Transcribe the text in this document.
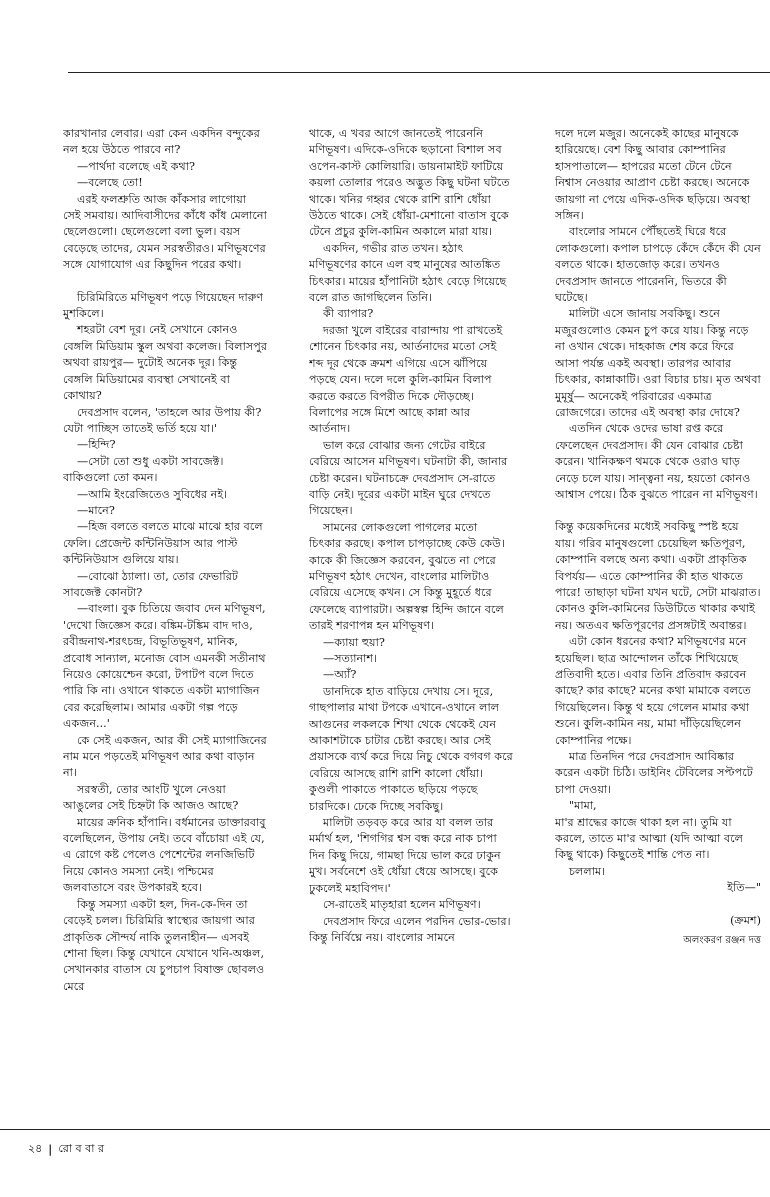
কারখানার লেবার। এরা কেন একদিন বন্দুকের নল হয়ে উঠতে পারবে না?

—পার্থদা বলেছে এই কথা?

—বলেছে তো!

এরই ফলশ্রুতি আজ কাঁকসার লাগোয়া সেই সমবায়। আদিবাসীদের কাঁধে কাঁধ মেলানো ছেলেগুলো। ছেলেগুলো বলা ভুল। বয়স বেড়েছে তাদের, যেমন সরস্বতীরও। মণিভূষণের সঙ্গে যোগাযোগ এর কিছুদিন পরের কথা।

চিরিমিরিতে মণিভূষণ পড়ে গিয়েছেন দারুণ মুশকিলে।

শহরটা বেশ দূর। নেই সেখানে কোনও বেঙ্গলি মিডিয়াম স্কুল অথবা কলেজ। বিলাসপুর অথবা রায়পুর— দুটোই অনেক দূর। কিন্তু বেঙ্গলি মিডিয়ামের ব্যবস্থা সেখানেই বা কোথায়?

দেবপ্রসাদ বলেন, 'তাহলে আর উপায় কী? যেটা পাচ্ছিস তাতেই ভর্তি হয়ে যা।'

—হিন্দি?

—সেটা তো শুধু একটা সাবজেক্ট। বাকিগুলো তো কমন।

—আমি ইংরেজিতেও সুবিধের নই।

—মানে?

—হিজ বলতে বলতে মাঝে মাঝে হার বলে ফেলি। প্রেজেন্ট কন্টিনিউয়াস আর পাস্ট কন্টিনিউয়াস গুলিয়ে যায়।

—বোঝো ঠ্যালা। তা, তোর ফেভারিট সাবজেক্ট কোনটা?

—বাংলা। বুক চিতিয়ে জবাব দেন মণিভূষণ, 'দেখো জিজ্ঞেস করে। বঙ্কিম-টঙ্কিম বাদ দাও, রবীন্দ্রনাথ-শরৎচন্দ্র, বিভূতিভূষণ, মানিক, প্রবোধ সান্যাল, মনোজ বোস এমনকী সতীনাথ নিয়েও কোয়েশ্চেন করো, টপাটপ বলে দিতে পারি কি না। ওখানে থাকতে একটা ম্যাগাজিন বের করেছিলাম। আমার একটা গল্প পড়ে একজন...'

কে সেই একজন, আর কী সেই ম্যাগাজিনের নাম মনে পড়তেই মণিভূষণ আর কথা বাড়ান না।

সরস্বতী, তোর আংটি খুলে নেওয়া আঙুলের সেই চিহ্নটা কি আজও আছে?

মায়ের ক্রনিক হাঁপানি। বর্ধমানের ডাক্তারবাবু বলেছিলেন, উপায় নেই। তবে বাঁচোয়া এই যে, এ রোগে কষ্ট পেলেও পেশেন্টের লনজিভিটি নিয়ে কোনও সমস্যা নেই। পশ্চিমের জলবাতাসে বরং উপকারই হবে।

কিন্তু সমস্যা একটা হল, দিন-কে-দিন তা বেড়েই চলল। চিরিমিরি স্বাস্থ্যের জায়গা আর প্রাকৃতিক সৌন্দর্য নাকি তুলনাহীন— এসবই শোনা ছিল। কিন্তু যেখানে যেখানে খনি-অঞ্চল, সেখানকার বাতাস যে চুপচাপ বিষাক্ত ছোবলও মেরে

থাকে, এ খবর আগে জানতেই পারেননি মণিভূষণ। এদিকে-ওদিকে ছড়ানো বিশাল সব ওপেন-কাস্ট কোলিয়ারি। ডায়নামাইট ফাটিয়ে কয়লা তোলার পরেও অদ্ভুত কিছু ঘটনা ঘটতে থাকে। খনির গহ্বর থেকে রাশি রাশি ধোঁয়া উঠতে থাকে। সেই ধোঁয়া-মেশানো বাতাস বুকে টেনে প্রচুর কুলি-কামিন অকালে মারা যায়।

একদিন, গভীর রাত তখন। হঠাৎ মণিভূষণের কানে এল বহু মানুষের আতঙ্কিত চিৎকার। মায়ের হাঁপানিটা হঠাৎ বেড়ে গিয়েছে বলে রাত জাগছিলেন তিনি।

কী ব্যাপার?

দরজা খুলে বাইরের বারান্দায় পা রাখতেই শোনেন চিৎকার নয়, আর্তনাদের মতো সেই শব্দ দূর থেকে ক্রমশ এগিয়ে এসে ঝাঁপিয়ে পড়ছে যেন। দলে দলে কুলি-কামিন বিলাপ করতে করতে বিপরীত দিকে দৌড়চ্ছে। বিলাপের সঙ্গে মিশে আছে কান্না আর আর্তনাদ।

ভাল করে বোঝার জন্য গেটের বাইরে বেরিয়ে আসেন মণিভূষণ। ঘটনাটা কী, জানার চেষ্টা করেন। ঘটনাচক্রে দেবপ্রসাদ সে-রাতে বাড়ি নেই। দূরের একটা মাইন ঘুরে দেখতে গিয়েছেন।

সামনের লোকগুলো পাগলের মতো চিৎকার করছে। কপাল চাপড়াচ্ছে কেউ কেউ। কাকে কী জিজ্ঞেস করবেন, বুঝতে না পেরে মণিভূষণ হঠাৎ দেখেন, বাংলোর মালিটাও বেরিয়ে এসেছে কখন। সে কিন্তু মুহূর্তে ধরে ফেলেছে ব্যাপারটা। অল্পস্বল্প হিন্দি জানে বলে তারই শরণাপন্ন হন মণিভূষণ।

—ক্যায়া হুয়া?

—সত্যানাশ।

—অ্যাঁ?

ডানদিকে হাত বাড়িয়ে দেখায় সে। দূরে, গাছপালার মাথা টপকে এখানে-ওখানে লাল আগুনের লকলকে শিখা থেকে থেকেই যেন আকাশটাকে চাটার চেষ্টা করছে। আর সেই প্রয়াসকে ব্যর্থ করে দিয়ে নিচু থেকে বগবগ করে বেরিয়ে আসছে রাশি রাশি কালো ধোঁয়া। কুণ্ডলী পাকাতে পাকাতে ছড়িয়ে পড়ছে চারদিকে। ঢেকে দিচ্ছে সবকিছু।

মালিটা তড়বড় করে আর যা বলল তার মর্মার্থ হল, 'শিগগির শ্বস বন্ধ করে নাক চাপা দিন কিছু দিয়ে, গামছা দিয়ে ভাল করে ঢাকুন মুখ। সর্বনেশে ওই ধোঁয়া ধেয়ে আসছে। বুকে ঢুকলেই মহাবিপদ।'

সে-রাতেই মাতৃহারা হলেন মণিভূষণ।

দেবপ্রসাদ ফিরে এলেন পরদিন ভোর-ভোর। কিন্তু নির্বিঘ্নে নয়। বাংলোর সামনে

দলে দলে মজুর। অনেকেই কাছের মানুষকে হারিয়েছে। বেশ কিছু আবার কোম্পানির হাসপাতালে— হাপরের মতো টেনে টেনে নিশ্বাস নেওয়ার আপ্রাণ চেষ্টা করছে। অনেকে জায়গা না পেয়ে এদিক-ওদিক ছড়িয়ে। অবস্থা সঙ্গিন।

বাংলোর সামনে পৌঁছতেই ঘিরে ধরে লোকগুলো। কপাল চাপড়ে কেঁদে কেঁদে কী যেন বলতে থাকে। হাতজোড় করে। তখনও দেবপ্রসাদ জানতে পারেননি, ভিতরে কী ঘটেছে।

মালিটা এসে জানায় সবকিছু। শুনে মজুরগুলোও কেমন চুপ করে যায়। কিন্তু নড়ে না ওখান থেকে। দাহকাজ শেষ করে ফিরে আসা পর্যন্ত একই অবস্থা। তারপর আবার চিৎকার, কান্নাকাটি। ওরা বিচার চায়। মৃত অথবা মুমূর্ষু— অনেকেই পরিবারের একমাত্র রোজগেরে। তাদের এই অবস্থা কার দোষে?

এতদিন থেকে ওদের ভাষা রপ্ত করে ফেলেছেন দেবপ্রসাদ। কী যেন বোঝার চেষ্টা করেন। খানিকক্ষণ থমকে থেকে ওরাও ঘাড় নেড়ে চলে যায়। সান্ত্বনা নয়, হয়তো কোনও আশ্বাস পেয়ে। ঠিক বুঝতে পারেন না মণিভূষণ।

কিন্তু কয়েকদিনের মধ্যেই সবকিছু স্পষ্ট হয়ে যায়। গরিব মানুষগুলো চেয়েছিল ক্ষতিপূরণ, কোম্পানি বলছে অন্য কথা। একটা প্রাকৃতিক বিপর্যয়— এতে কোম্পানির কী হাত থাকতে পারে! তাছাড়া ঘটনা যখন ঘটে, সেটা মাঝরাত। কোনও কুলি-কামিনের ডিউটিতে থাকার কথাই নয়। অতএব ক্ষতিপূরণের প্রসঙ্গটাই অবান্তর।

এটা কোন ধরনের কথা? মণিভূষণের মনে হয়েছিল। ছাত্র আন্দোলন তাঁকে শিখিয়েছে প্রতিবাদী হতে। এবার তিনি প্রতিবাদ করবেন কাছে? কার কাছে? মনের কথা মামাকে বলতে গিয়েছিলেন। কিন্তু থ হয়ে গেলেন মামার কথা শুনে। কুলি-কামিন নয়, মামা দাঁড়িয়েছিলেন কোম্পানির পক্ষে।

মাত্র তিনদিন পরে দেবপ্রসাদ আবিষ্কার করেন একটা চিঠি। ডাইনিং টেবিলের সপ্টপটে চাপা দেওয়া।

"মামা,

মা'র শ্রাদ্ধের কাজে থাকা হল না। তুমি যা করলে, তাতে মা'র আত্মা (যদি আত্মা বলে কিছু থাকে) কিছুতেই শান্তি পেত না।

চললাম।

ইতি—"

(ক্রমশ)

অলংকরণ রঞ্জন দত্ত

২৪ | রো ব বা র
